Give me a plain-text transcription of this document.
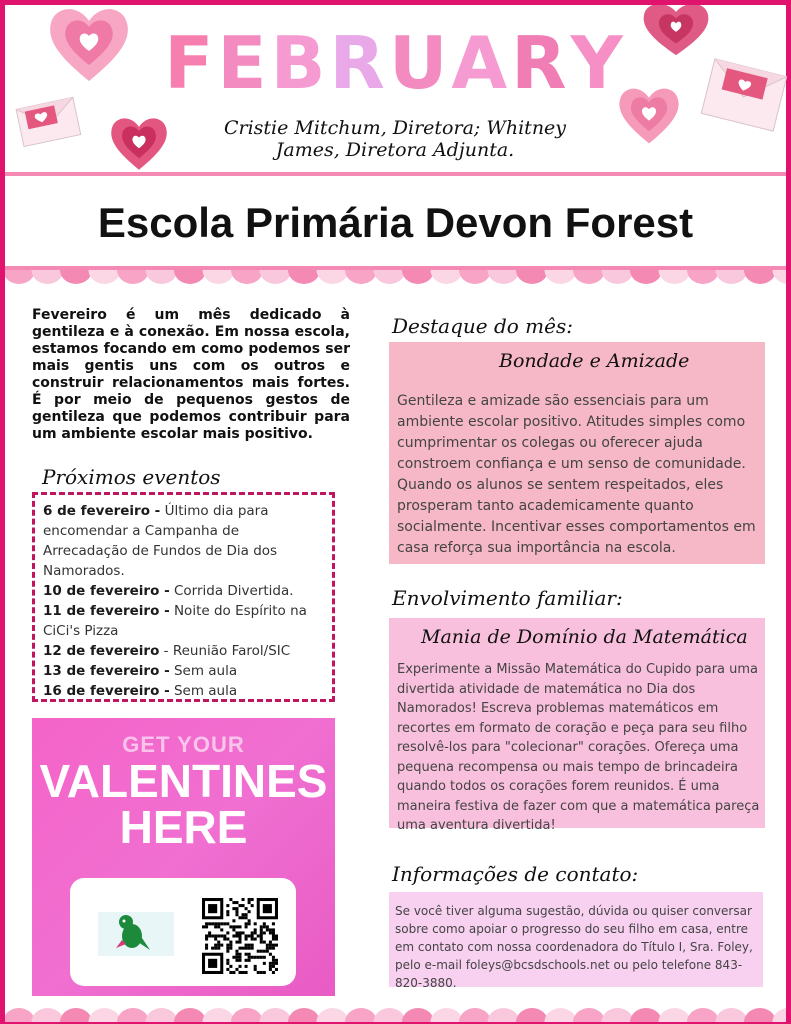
FEBRUARY
Cristie Mitchum, Diretora; Whitney James, Diretora Adjunta.
Escola Primária Devon Forest
Fevereiro é um mês dedicado à gentileza e à conexão. Em nossa escola, estamos focando em como podemos ser mais gentis uns com os outros e construir relacionamentos mais fortes. É por meio de pequenos gestos de gentileza que podemos contribuir para um ambiente escolar mais positivo.
Próximos eventos
6 de fevereiro - Último dia para encomendar a Campanha de Arrecadação de Fundos de Dia dos Namorados.
10 de fevereiro - Corrida Divertida.
11 de fevereiro - Noite do Espírito na CiCi's Pizza
12 de fevereiro - Reunião Farol/SIC
13 de fevereiro - Sem aula
16 de fevereiro - Sem aula
GET YOUR
VALENTINES
HERE
Destaque do mês:
Bondade e Amizade
Gentileza e amizade são essenciais para um ambiente escolar positivo. Atitudes simples como cumprimentar os colegas ou oferecer ajuda constroem confiança e um senso de comunidade. Quando os alunos se sentem respeitados, eles prosperam tanto academicamente quanto socialmente. Incentivar esses comportamentos em casa reforça sua importância na escola.
Envolvimento familiar:
Mania de Domínio da Matemática
Experimente a Missão Matemática do Cupido para uma divertida atividade de matemática no Dia dos Namorados! Escreva problemas matemáticos em recortes em formato de coração e peça para seu filho resolvê-los para "colecionar" corações. Ofereça uma pequena recompensa ou mais tempo de brincadeira quando todos os corações forem reunidos. É uma maneira festiva de fazer com que a matemática pareça uma aventura divertida!
Informações de contato:
Se você tiver alguma sugestão, dúvida ou quiser conversar sobre como apoiar o progresso do seu filho em casa, entre em contato com nossa coordenadora do Título I, Sra. Foley, pelo e-mail foleys@bcsdschools.net ou pelo telefone 843-820-3880.
